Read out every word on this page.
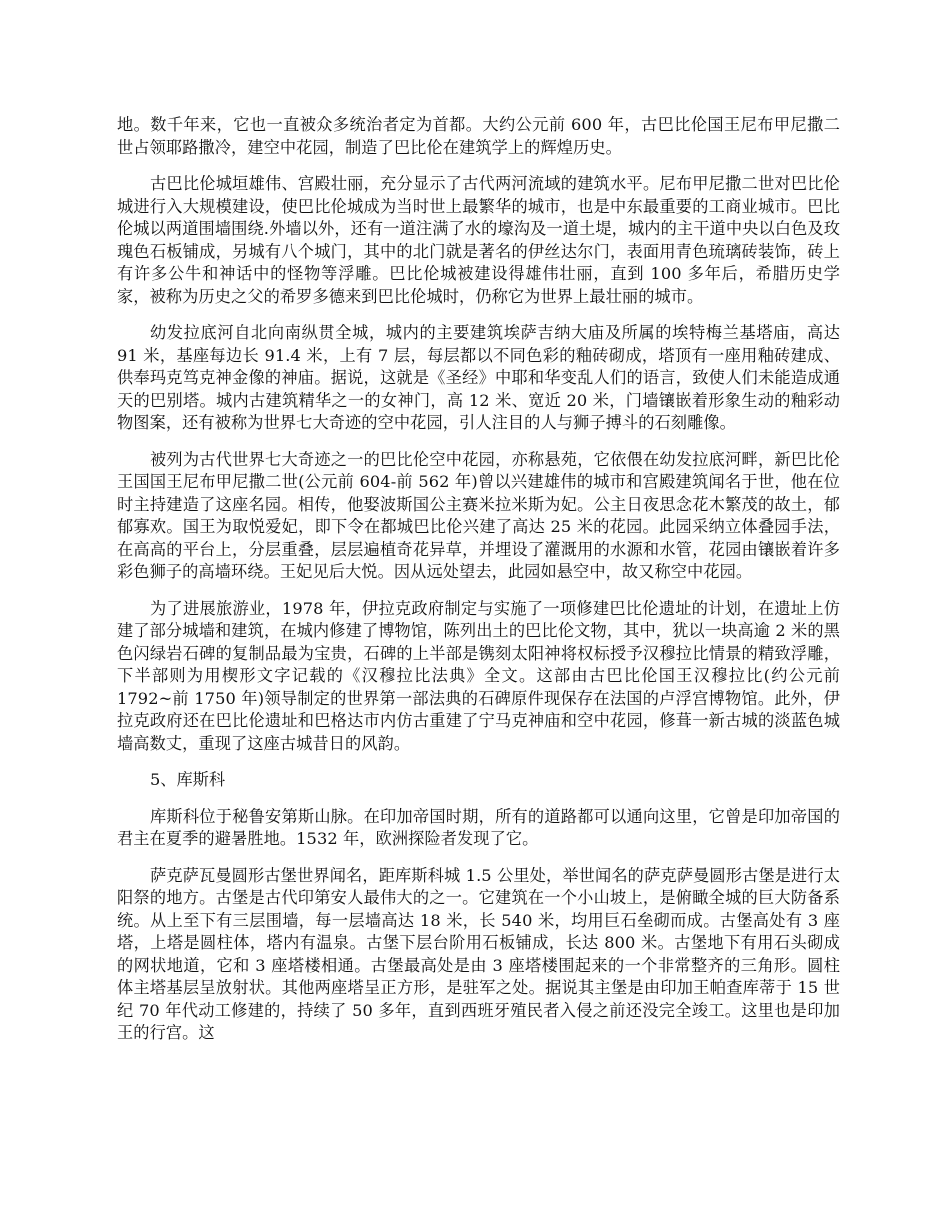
地。数千年来，它也一直被众多统治者定为首都。大约公元前 600 年，古巴比伦国王尼布甲尼撒二世占领耶路撒冷，建空中花园，制造了巴比伦在建筑学上的辉煌历史。

古巴比伦城垣雄伟、宫殿壮丽，充分显示了古代两河流域的建筑水平。尼布甲尼撒二世对巴比伦城进行入大规模建设，使巴比伦城成为当时世上最繁华的城市，也是中东最重要的工商业城市。巴比伦城以两道围墙围绕.外墙以外，还有一道注满了水的壕沟及一道土堤，城内的主干道中央以白色及玫瑰色石板铺成，另城有八个城门，其中的北门就是著名的伊丝达尔门，表面用青色琉璃砖装饰，砖上有许多公牛和神话中的怪物等浮雕。巴比伦城被建设得雄伟壮丽，直到 100 多年后，希腊历史学家，被称为历史之父的希罗多德来到巴比伦城时，仍称它为世界上最壮丽的城市。

幼发拉底河自北向南纵贯全城，城内的主要建筑埃萨吉纳大庙及所属的埃特梅兰基塔庙，高达 91 米，基座每边长 91.4 米，上有 7 层，每层都以不同色彩的釉砖砌成，塔顶有一座用釉砖建成、供奉玛克笃克神金像的神庙。据说，这就是《圣经》中耶和华变乱人们的语言，致使人们未能造成通天的巴别塔。城内古建筑精华之一的女神门，高 12 米、宽近 20 米，门墙镶嵌着形象生动的釉彩动物图案，还有被称为世界七大奇迹的空中花园，引人注目的人与狮子搏斗的石刻雕像。

被列为古代世界七大奇迹之一的巴比伦空中花园，亦称悬苑，它依偎在幼发拉底河畔，新巴比伦王国国王尼布甲尼撒二世(公元前 604-前 562 年)曾以兴建雄伟的城市和宫殿建筑闻名于世，他在位时主持建造了这座名园。相传，他娶波斯国公主赛米拉米斯为妃。公主日夜思念花木繁茂的故土，郁郁寡欢。国王为取悦爱妃，即下令在都城巴比伦兴建了高达 25 米的花园。此园采纳立体叠园手法，在高高的平台上，分层重叠，层层遍植奇花异草，并埋设了灌溉用的水源和水管，花园由镶嵌着许多彩色狮子的高墙环绕。王妃见后大悦。因从远处望去，此园如悬空中，故又称空中花园。

为了进展旅游业，1978 年，伊拉克政府制定与实施了一项修建巴比伦遗址的计划，在遗址上仿建了部分城墙和建筑，在城内修建了博物馆，陈列出土的巴比伦文物，其中，犹以一块高逾 2 米的黑色闪绿岩石碑的复制品最为宝贵，石碑的上半部是镌刻太阳神将权标授予汉穆拉比情景的精致浮雕，下半部则为用楔形文字记载的《汉穆拉比法典》全文。这部由古巴比伦国王汉穆拉比(约公元前 1792~前 1750 年)领导制定的世界第一部法典的石碑原件现保存在法国的卢浮宫博物馆。此外，伊拉克政府还在巴比伦遗址和巴格达市内仿古重建了宁马克神庙和空中花园，修葺一新古城的淡蓝色城墙高数丈，重现了这座古城昔日的风韵。

5、库斯科

库斯科位于秘鲁安第斯山脉。在印加帝国时期，所有的道路都可以通向这里，它曾是印加帝国的君主在夏季的避暑胜地。1532 年，欧洲探险者发现了它。

萨克萨瓦曼圆形古堡世界闻名，距库斯科城 1.5 公里处，举世闻名的萨克萨曼圆形古堡是进行太阳祭的地方。古堡是古代印第安人最伟大的之一。它建筑在一个小山坡上，是俯瞰全城的巨大防备系统。从上至下有三层围墙，每一层墙高达 18 米，长 540 米，均用巨石垒砌而成。古堡高处有 3 座塔，上塔是圆柱体，塔内有温泉。古堡下层台阶用石板铺成，长达 800 米。古堡地下有用石头砌成的网状地道，它和 3 座塔楼相通。古堡最高处是由 3 座塔楼围起来的一个非常整齐的三角形。圆柱体主塔基层呈放射状。其他两座塔呈正方形，是驻军之处。据说其主堡是由印加王帕查库蒂于 15 世纪 70 年代动工修建的，持续了 50 多年，直到西班牙殖民者入侵之前还没完全竣工。这里也是印加王的行宫。这
